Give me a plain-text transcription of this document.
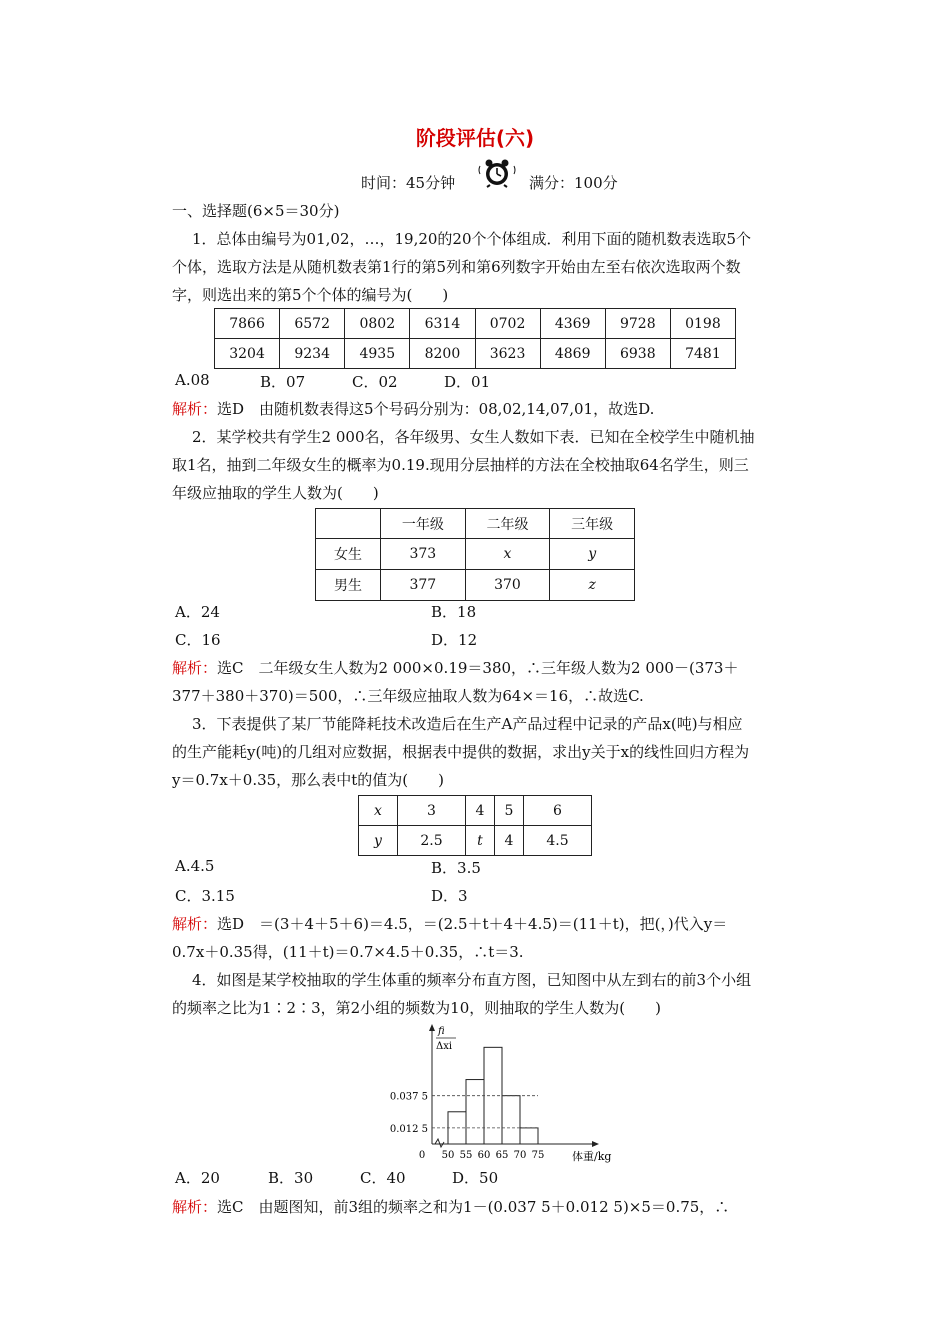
阶段评估(六)
时间：45分钟	满分：100分
一、选择题(6×5＝30分)
1．总体由编号为01,02，…，19,20的20个个体组成．利用下面的随机数表选取5个
个体，选取方法是从随机数表第1行的第5列和第6列数字开始由左至右依次选取两个数
字，则选出来的第5个个体的编号为(　　)
7866	6572	0802	6314	0702	4369	9728	0198
3204	9234	4935	8200	3623	4869	6938	7481
A.08	B．07	C．02	D．01
解析：选D　由随机数表得这5个号码分别为：08,02,14,07,01，故选D.
2．某学校共有学生2 000名，各年级男、女生人数如下表．已知在全校学生中随机抽
取1名，抽到二年级女生的概率为0.19.现用分层抽样的方法在全校抽取64名学生，则三
年级应抽取的学生人数为(　　)
	一年级	二年级	三年级
女生	373	x	y
男生	377	370	z
A．24	B．18
C．16	D．12
解析：选C　二年级女生人数为2 000×0.19＝380，∴三年级人数为2 000－(373＋
377＋380＋370)＝500，∴三年级应抽取人数为64×＝16，∴故选C.
3．下表提供了某厂节能降耗技术改造后在生产A产品过程中记录的产品x(吨)与相应
的生产能耗y(吨)的几组对应数据，根据表中提供的数据，求出y关于x的线性回归方程为
y＝0.7x＋0.35，那么表中t的值为(　　)
x	3	4	5	6
y	2.5	t	4	4.5
A.4.5	B．3.5
C．3.15	D．3
解析：选D　＝(3＋4＋5＋6)＝4.5，＝(2.5＋t＋4＋4.5)＝(11＋t)，把(，)代入y＝
0.7x＋0.35得，(11＋t)＝0.7×4.5＋0.35，∴t＝3.
4．如图是某学校抽取的学生体重的频率分布直方图，已知图中从左到右的前3个小组
的频率之比为1∶2∶3，第2小组的频数为10，则抽取的学生人数为(　　)
fi
Δxi
体重/kg
0 50 55 60 65 70 75
0.037 5
0.012 5
A．20	B．30	C．40	D．50
解析：选C　由题图知，前3组的频率之和为1－(0.037 5＋0.012 5)×5＝0.75，∴
